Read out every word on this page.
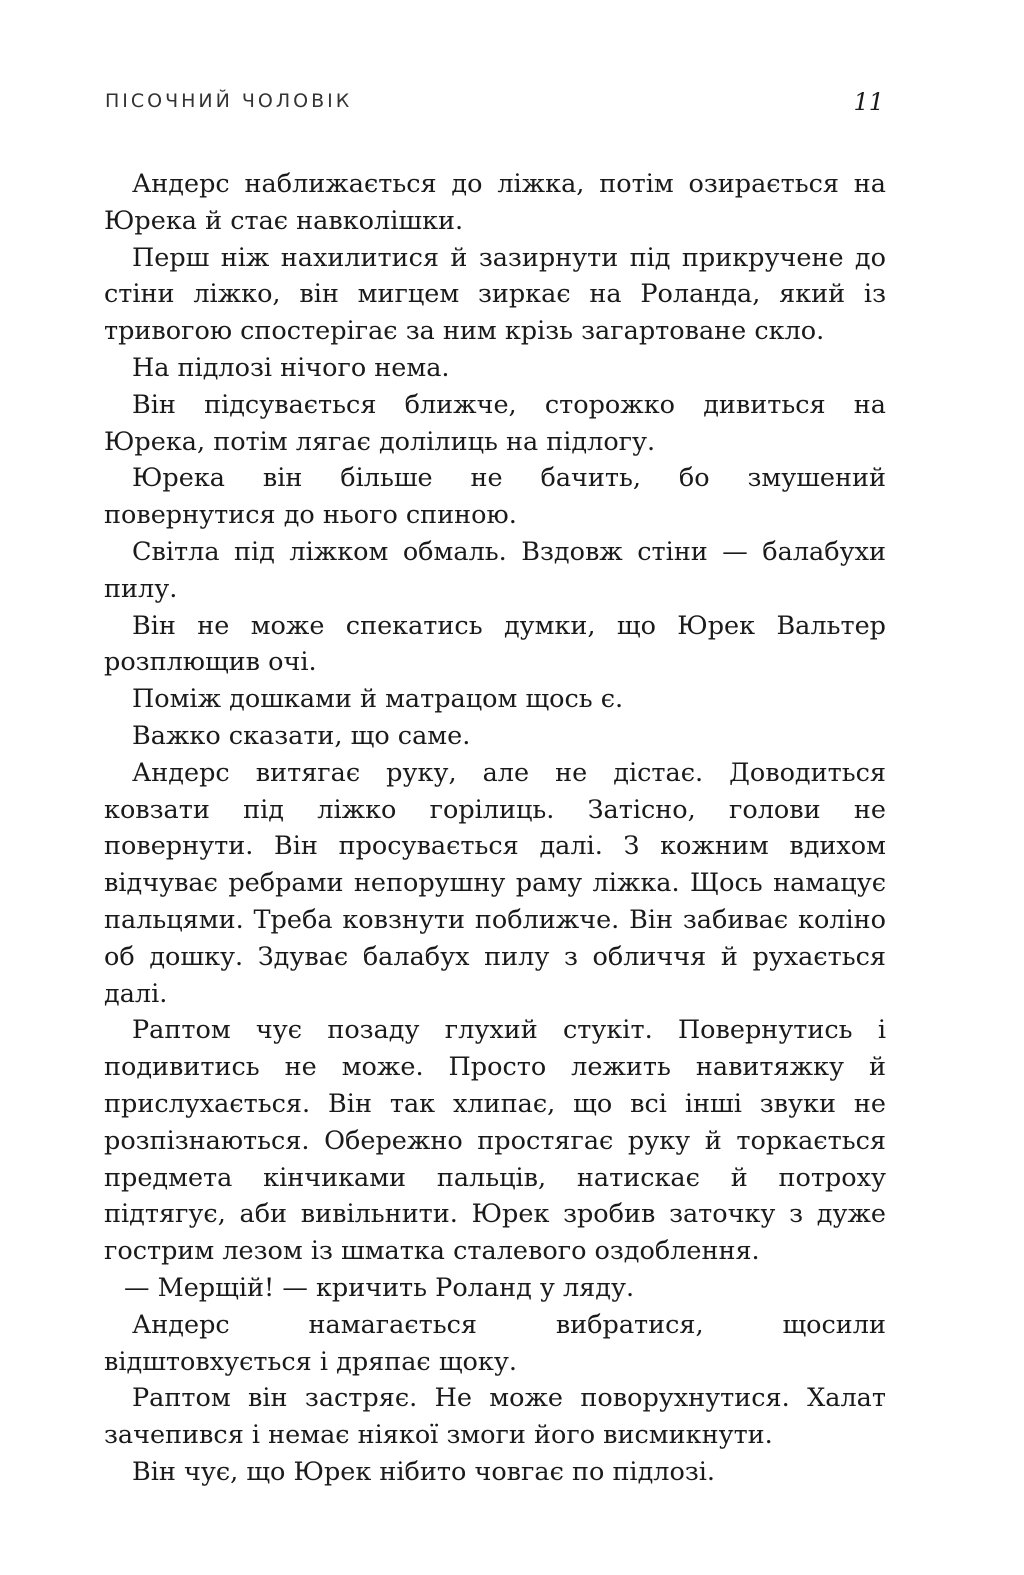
ПІСОЧНИЙ ЧОЛОВІК	11

Андерс наближається до ліжка, потім озирається на Юрека й стає навколішки.

Перш ніж нахилитися й зазирнути під прикручене до стіни ліжко, він мигцем зиркає на Роланда, який із тривогою спостерігає за ним крізь загартоване скло.

На підлозі нічого нема.

Він підсувається ближче, сторожко дивиться на Юрека, потім лягає долілиць на підлогу.

Юрека він більше не бачить, бо змушений повернутися до нього спиною.

Світла під ліжком обмаль. Вздовж стіни — балабухи пилу.

Він не може спекатись думки, що Юрек Вальтер розплющив очі.

Поміж дошками й матрацом щось є.

Важко сказати, що саме.

Андерс витягає руку, але не дістає. Доводиться ковзати під ліжко горілиць. Затісно, голови не повернути. Він просувається далі. З кожним вдихом відчуває ребрами непорушну раму ліжка. Щось намацує пальцями. Треба ковзнути поближче. Він забиває коліно об дошку. Здуває балабух пилу з обличчя й рухається далі.

Раптом чує позаду глухий стукіт. Повернутись і подивитись не може. Просто лежить навитяжку й прислухається. Він так хлипає, що всі інші звуки не розпізнаються. Обережно простягає руку й торкається предмета кінчиками пальців, натискає й потроху підтягує, аби вивільнити. Юрек зробив заточку з дуже гострим лезом із шматка сталевого оздоблення.

— Мерщій! — кричить Роланд у ляду.

Андерс намагається вибратися, щосили відштовхується і дряпає щоку.

Раптом він застряє. Не може поворухнутися. Халат зачепився і немає ніякої змоги його висмикнути.

Він чує, що Юрек нібито човгає по підлозі.
